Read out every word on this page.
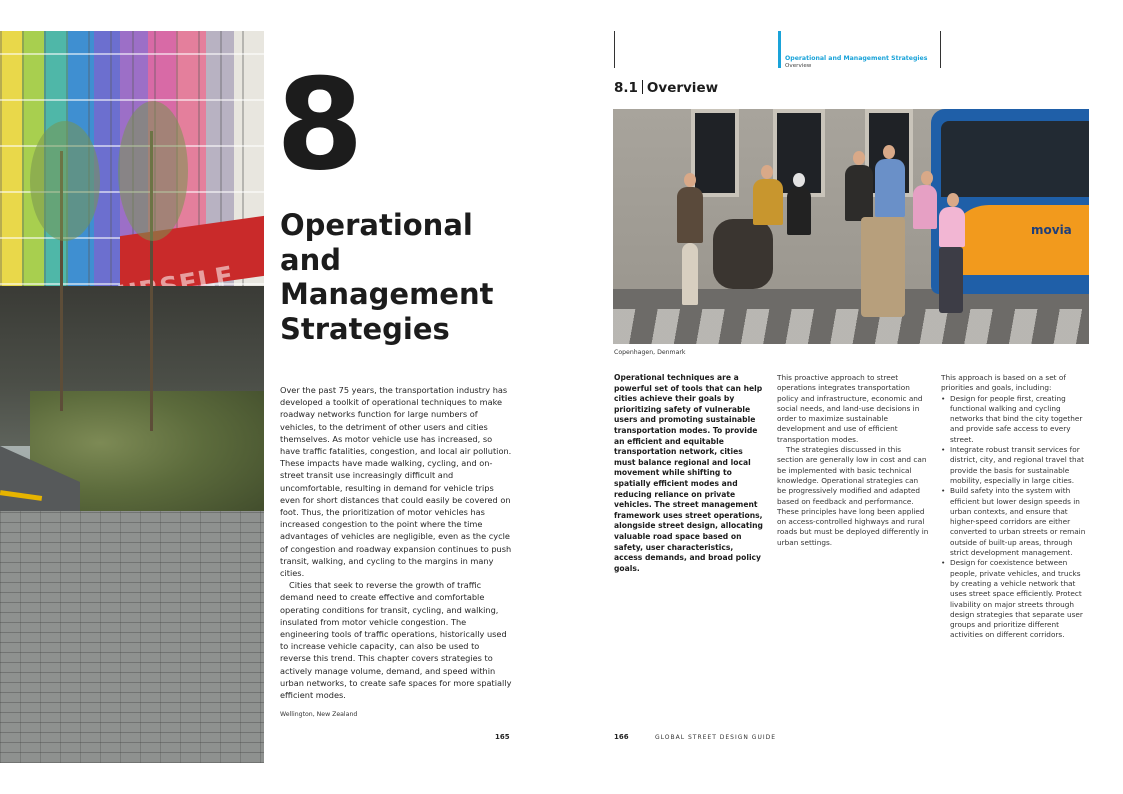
8
Operational
and
Management
Strategies

Over the past 75 years, the transportation industry has developed a toolkit of operational techniques to make roadway networks function for large numbers of vehicles, to the detriment of other users and cities themselves. As motor vehicle use has increased, so have traffic fatalities, congestion, and local air pollution. These impacts have made walking, cycling, and on-street transit use increasingly difficult and uncomfortable, resulting in demand for vehicle trips even for short distances that could easily be covered on foot. Thus, the prioritization of motor vehicles has increased congestion to the point where the time advantages of vehicles are negligible, even as the cycle of congestion and roadway expansion continues to push transit, walking, and cycling to the margins in many cities.

Cities that seek to reverse the growth of traffic demand need to create effective and comfortable operating conditions for transit, cycling, and walking, insulated from motor vehicle congestion. The engineering tools of traffic operations, historically used to increase vehicle capacity, can also be used to reverse this trend. This chapter covers strategies to actively manage volume, demand, and speed within urban networks, to create safe spaces for more spatially efficient modes.

Wellington, New Zealand
165
Operational and Management Strategies
Overview
8.1 Overview
movia
Copenhagen, Denmark

Operational techniques are a powerful set of tools that can help cities achieve their goals by prioritizing safety of vulnerable users and promoting sustainable transportation modes. To provide an efficient and equitable transportation network, cities must balance regional and local movement while shifting to spatially efficient modes and reducing reliance on private vehicles. The street management framework uses street operations, alongside street design, allocating valuable road space based on safety, user characteristics, access demands, and broad policy goals.

This proactive approach to street operations integrates transportation policy and infrastructure, economic and social needs, and land-use decisions in order to maximize sustainable development and use of efficient transportation modes.

The strategies discussed in this section are generally low in cost and can be implemented with basic technical knowledge. Operational strategies can be progressively modified and adapted based on feedback and performance. These principles have long been applied on access-controlled highways and rural roads but must be deployed differently in urban settings.

This approach is based on a set of priorities and goals, including:

• Design for people first, creating functional walking and cycling networks that bind the city together and provide safe access to every street.
• Integrate robust transit services for district, city, and regional travel that provide the basis for sustainable mobility, especially in large cities.
• Build safety into the system with efficient but lower design speeds in urban contexts, and ensure that higher-speed corridors are either converted to urban streets or remain outside of built-up areas, through strict development management.
• Design for coexistence between people, private vehicles, and trucks by creating a vehicle network that uses street space efficiently. Protect livability on major streets through design strategies that separate user groups and prioritize different activities on different corridors.
166	GLOBAL STREET DESIGN GUIDE
